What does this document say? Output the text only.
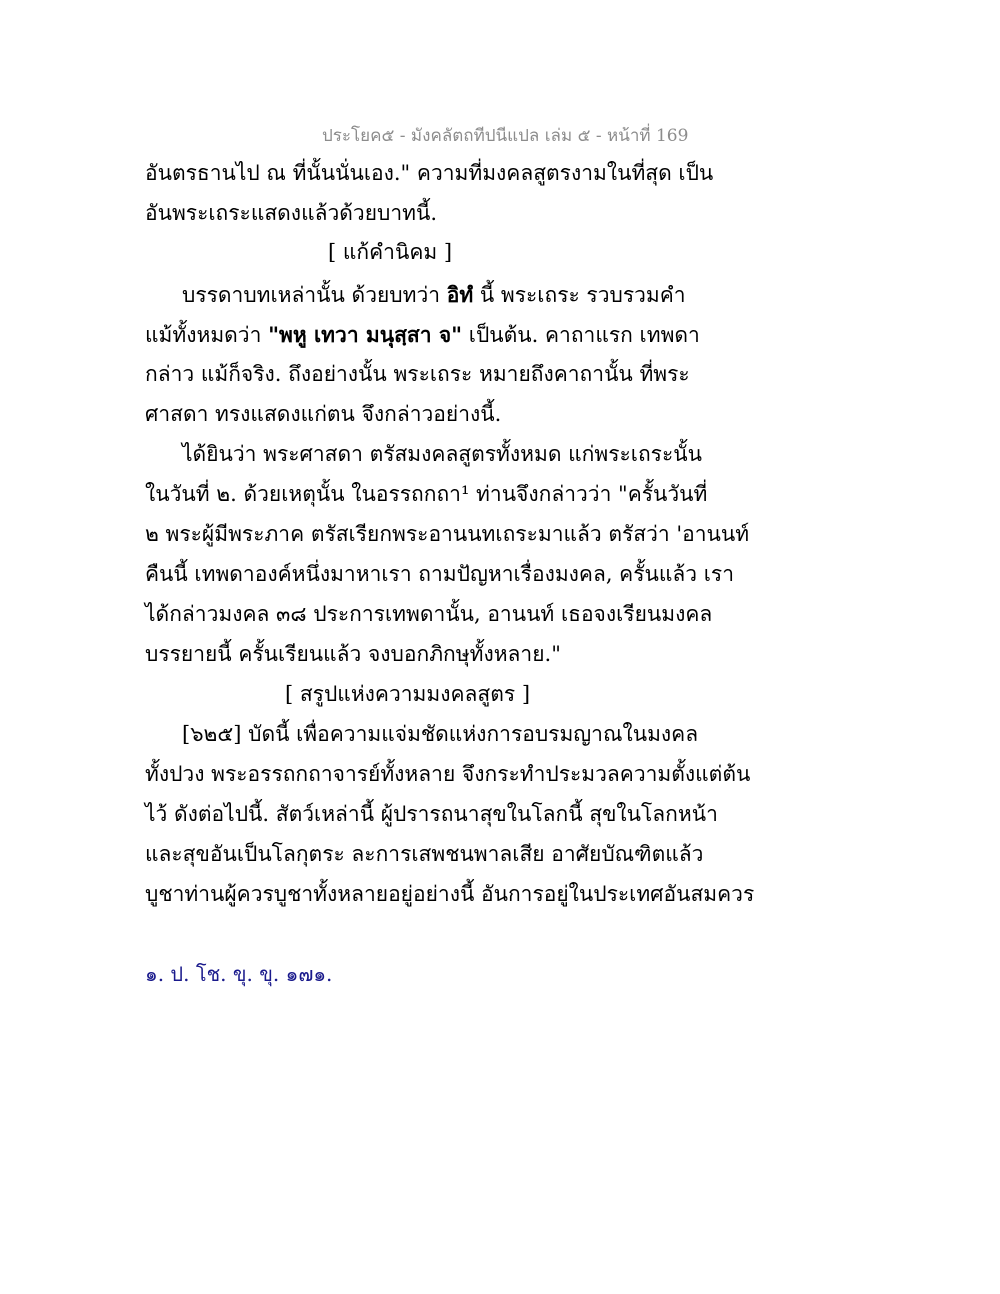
ประโยค๕ - มังคลัตถทีปนีแปล เล่ม ๕ - หน้าที่ 169
อันตรธานไป ณ ที่นั้นนั่นเอง." ความที่มงคลสูตรงามในที่สุด เป็น
อันพระเถระแสดงแล้วด้วยบาทนี้.
[ แก้คำนิคม ]
บรรดาบทเหล่านั้น ด้วยบทว่า อิทํ นี้ พระเถระ รวบรวมคำ
แม้ทั้งหมดว่า "พหู เทวา มนุสฺสา จ" เป็นต้น. คาถาแรก เทพดา
กล่าว แม้ก็จริง. ถึงอย่างนั้น พระเถระ หมายถึงคาถานั้น ที่พระ
ศาสดา ทรงแสดงแก่ตน จึงกล่าวอย่างนี้.
ได้ยินว่า พระศาสดา ตรัสมงคลสูตรทั้งหมด แก่พระเถระนั้น
ในวันที่ ๒. ด้วยเหตุนั้น ในอรรถกถา¹ ท่านจึงกล่าวว่า "ครั้นวันที่
๒ พระผู้มีพระภาค ตรัสเรียกพระอานนทเถระมาแล้ว ตรัสว่า 'อานนท์
คืนนี้ เทพดาองค์หนึ่งมาหาเรา ถามปัญหาเรื่องมงคล, ครั้นแล้ว เรา
ได้กล่าวมงคล ๓๘ ประการเทพดานั้น, อานนท์ เธอจงเรียนมงคล
บรรยายนี้ ครั้นเรียนแล้ว จงบอกภิกษุทั้งหลาย."
[ สรูปแห่งความมงคลสูตร ]
[๖๒๕] บัดนี้ เพื่อความแจ่มชัดแห่งการอบรมญาณในมงคล
ทั้งปวง พระอรรถกถาจารย์ทั้งหลาย จึงกระทำประมวลความตั้งแต่ต้น
ไว้ ดังต่อไปนี้. สัตว์เหล่านี้ ผู้ปรารถนาสุขในโลกนี้ สุขในโลกหน้า
และสุขอันเป็นโลกุตระ ละการเสพชนพาลเสีย อาศัยบัณฑิตแล้ว
บูชาท่านผู้ควรบูชาทั้งหลายอยู่อย่างนี้ อันการอยู่ในประเทศอันสมควร
๑. ป. โช. ขุ. ขุ. ๑๗๑.
